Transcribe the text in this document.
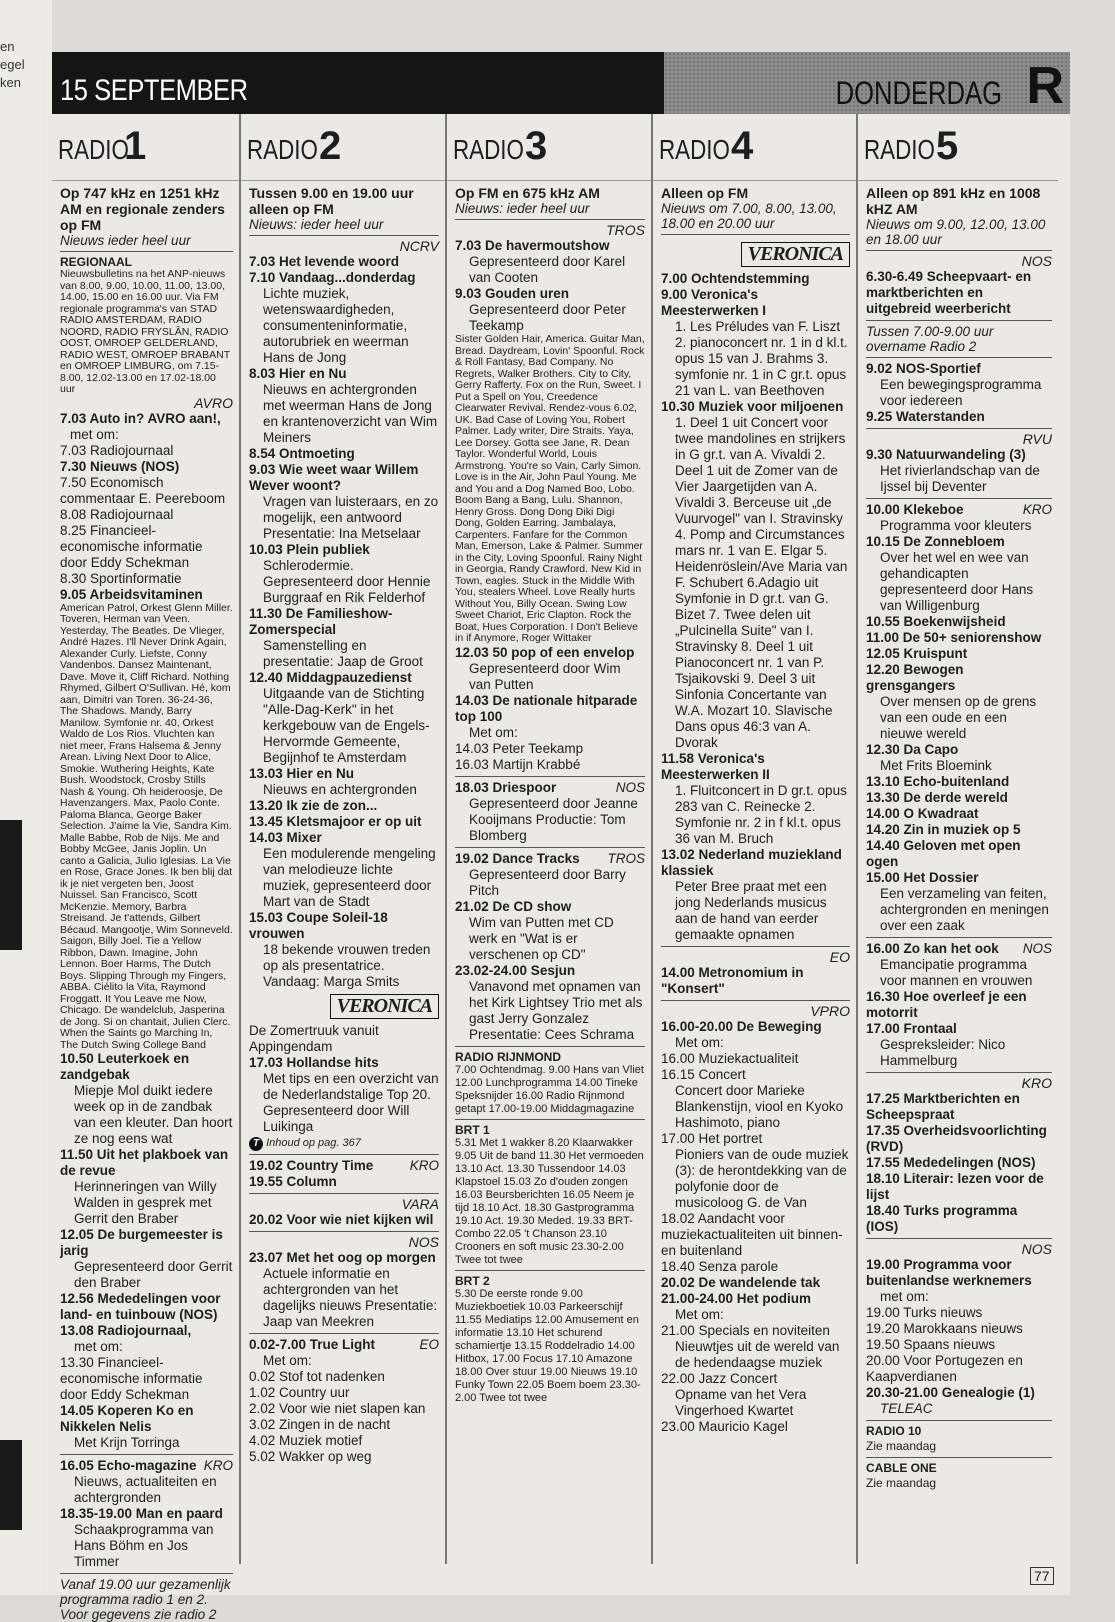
en
egel
ken 15 SEPTEMBER	DONDERDAG R
RADIO
1
Op 747 kHz en 1251 kHz AM en regionale zenders op FM
Nieuws ieder heel uur
REGIONAAL
Nieuwsbulletins na het ANP-nieuws van 8.00, 9.00, 10.00, 11.00, 13.00, 14.00, 15.00 en 16.00 uur. Via FM regionale programma's van STAD RADIO AMSTERDAM, RADIO NOORD, RADIO FRYSLÂN, RADIO OOST, OMROEP GELDERLAND, RADIO WEST, OMROEP BRABANT en OMROEP LIMBURG, om 7.15-8.00, 12.02-13.00 en 17.02-18.00 uur
AVRO
7.03 Auto in? AVRO aan!,
met om:
7.03 Radiojournaal
7.30 Nieuws (NOS)
7.50 Economisch commentaar E. Peereboom
8.08 Radiojournaal
8.25 Financieel-economische informatie door Eddy Schekman
8.30 Sportinformatie
9.05 Arbeidsvitaminen
American Patrol, Orkest Glenn Miller. Toveren, Herman van Veen. Yesterday, The Beatles. De Vlieger, André Hazes. I'll Never Drink Again, Alexander Curly. Liefste, Conny Vandenbos. Dansez Maintenant, Dave. Move it, Cliff Richard. Nothing Rhymed, Gilbert O'Sullivan. Hé, kom aan, Dimitri van Toren. 36-24-36, The Shadows. Mandy, Barry Manilow. Symfonie nr. 40, Orkest Waldo de Los Rios. Vluchten kan niet meer, Frans Halsema & Jenny Arean. Living Next Door to Alice, Smokie. Wuthering Heights, Kate Bush. Woodstock, Crosby Stills Nash & Young. Oh heideroosje, De Havenzangers. Max, Paolo Conte. Paloma Blanca, George Baker Selection. J'aime la Vie, Sandra Kim. Malle Babbe, Rob de Nijs. Me and Bobby McGee, Janis Joplin. Un canto a Galicia, Julio Iglesias. La Vie en Rose, Grace Jones. Ik ben blij dat ik je niet vergeten ben, Joost Nuissel. San Francisco, Scott McKenzie. Memory, Barbra Streisand. Je t'attends, Gilbert Bécaud. Mangootje, Wim Sonneveld. Saigon, Billy Joel. Tie a Yellow Ribbon, Dawn. Imagine, John Lennon. Boer Harms, The Dutch Boys. Slipping Through my Fingers, ABBA. Ciélito la Vita, Raymond Froggatt. It You Leave me Now, Chicago. De wandelclub, Jasperina de Jong. Si on chantait, Julien Clerc. When the Saints go Marching In, The Dutch Swing College Band
10.50 Leuterkoek en zandgebak
Miepje Mol duikt iedere week op in de zandbak van een kleuter. Dan hoort ze nog eens wat
11.50 Uit het plakboek van de revue
Herinneringen van Willy Walden in gesprek met Gerrit den Braber
12.05 De burgemeester is jarig
Gepresenteerd door Gerrit den Braber
12.56 Mededelingen voor land- en tuinbouw (NOS)
13.08 Radiojournaal,
met om:
13.30 Financieel-economische informatie door Eddy Schekman
14.05 Koperen Ko en Nikkelen Nelis
Met Krijn Torringa
16.05 Echo-magazine KRO
Nieuws, actualiteiten en achtergronden
18.35-19.00 Man en paard
Schaakprogramma van Hans Böhm en Jos Timmer
Vanaf 19.00 uur gezamenlijk programma radio 1 en 2. Voor gegevens zie radio 2
RADIO 2
Tussen 9.00 en 19.00 uur alleen op FM
Nieuws: ieder heel uur
NCRV
7.03 Het levende woord
7.10 Vandaag...donderdag
Lichte muziek, wetenswaardigheden, consumenteninformatie, autorubriek en weerman Hans de Jong
8.03 Hier en Nu
Nieuws en achtergronden met weerman Hans de Jong en krantenoverzicht van Wim Meiners
8.54 Ontmoeting
9.03 Wie weet waar Willem Wever woont?
Vragen van luisteraars, en zo mogelijk, een antwoord Presentatie: Ina Metselaar
10.03 Plein publiek
Schlerodermie. Gepresenteerd door Hennie Burggraaf en Rik Felderhof
11.30 De Familieshow-Zomerspecial
Samenstelling en presentatie: Jaap de Groot
12.40 Middagpauzedienst
Uitgaande van de Stichting "Alle-Dag-Kerk" in het kerkgebouw van de Engels-Hervormde Gemeente, Begijnhof te Amsterdam
13.03 Hier en Nu
Nieuws en achtergronden
13.20 Ik zie de zon...
13.45 Kletsmajoor er op uit
14.03 Mixer
Een modulerende mengeling van melodieuze lichte muziek, gepresenteerd door Mart van de Stadt
15.03 Coupe Soleil-18 vrouwen
18 bekende vrouwen treden op als presentatrice. Vandaag: Marga Smits
VERONICA
De Zomertruuk vanuit Appingendam
17.03 Hollandse hits
Met tips en een overzicht van de Nederlandstalige Top 20. Gepresenteerd door Will Luikinga
T Inhoud op pag. 367
19.02 Country Time	KRO
19.55 Column
VARA
20.02 Voor wie niet kijken wil
NOS
23.07 Met het oog op morgen
Actuele informatie en achtergronden van het dagelijks nieuws Presentatie: Jaap van Meekren
0.02-7.00 True Light	EO
Met om:
0.02 Stof tot nadenken
1.02 Country uur
2.02 Voor wie niet slapen kan
3.02 Zingen in de nacht
4.02 Muziek motief
5.02 Wakker op weg
RADIO 3
Op FM en 675 kHz AM
Nieuws: ieder heel uur
TROS
7.03 De havermoutshow
Gepresenteerd door Karel van Cooten
9.03 Gouden uren
Gepresenteerd door Peter Teekamp
Sister Golden Hair, America. Guitar Man, Bread. Daydream, Lovin' Spoonful. Rock & Roll Fantasy, Bad Company. No Regrets, Walker Brothers. City to City, Gerry Rafferty. Fox on the Run, Sweet. I Put a Spell on You, Creedence Clearwater Revival. Rendez-vous 6.02, UK. Bad Case of Loving You, Robert Palmer. Lady writer, Dire Straits. Yaya, Lee Dorsey. Gotta see Jane, R. Dean Taylor. Wonderful World, Louis Armstrong. You're so Vain, Carly Simon. Love is in the Air, John Paul Young. Me and You and a Dog Named Boo, Lobo. Boom Bang a Bang, Lulu. Shannon, Henry Gross. Dong Dong Diki Digi Dong, Golden Earring. Jambalaya, Carpenters. Fanfare for the Common Man, Emerson, Lake & Palmer. Summer in the City, Loving Spoonful. Rainy Night in Georgia, Randy Crawford. New Kid in Town, eagles. Stuck in the Middle With You, stealers Wheel. Love Really hurts Without You, Billy Ocean. Swing Low Sweet Chariot, Eric Clapton. Rock the Boat, Hues Corporation. I Don't Believe in if Anymore, Roger Wittaker
12.03 50 pop of een envelop
Gepresenteerd door Wim van Putten
14.03 De nationale hitparade top 100
Met om:
14.03 Peter Teekamp
16.03 Martijn Krabbé
18.03 Driespoor	NOS
Gepresenteerd door Jeanne Kooijmans Productie: Tom Blomberg
19.02 Dance Tracks TROS
Gepresenteerd door Barry Pitch
21.02 De CD show
Wim van Putten met CD werk en "Wat is er verschenen op CD"
23.02-24.00 Sesjun
Vanavond met opnamen van het Kirk Lightsey Trio met als gast Jerry Gonzalez Presentatie: Cees Schrama
RADIO RIJNMOND
7.00 Ochtendmag. 9.00 Hans van Vliet 12.00 Lunchprogramma 14.00 Tineke Speksnijder 16.00 Radio Rijnmond getapt 17.00-19.00 Middagmagazine
BRT 1
5.31 Met 1 wakker 8.20 Klaarwakker 9.05 Uit de band 11.30 Het vermoeden 13.10 Act. 13.30 Tussendoor 14.03 Klapstoel 15.03 Zo d'ouden zongen 16.03 Beursberichten 16.05 Neem je tijd 18.10 Act. 18.30 Gastprogramma 19.10 Act. 19.30 Meded. 19.33 BRT-Combo 22.05 't Chanson 23.10 Crooners en soft music 23.30-2.00 Twee tot twee
BRT 2
5.30 De eerste ronde 9.00 Muziekboetiek 10.03 Parkeerschijf 11.55 Mediatips 12.00 Amusement en informatie 13.10 Het schurend schamiertje 13.15 Roddelradio 14.00 Hitbox, 17.00 Focus 17.10 Amazone 18.00 Over stuur 19.00 Nieuws 19.10 Funky Town 22.05 Boem boem 23.30-2.00 Twee tot twee
RADIO 4
Alleen op FM
Nieuws om 7.00, 8.00, 13.00, 18.00 en 20.00 uur
VERONICA
7.00 Ochtendstemming
9.00 Veronica's Meesterwerken I
1. Les Préludes van F. Liszt 2. pianoconcert nr. 1 in d kl.t. opus 15 van J. Brahms 3. symfonie nr. 1 in C gr.t. opus 21 van L. van Beethoven
10.30 Muziek voor miljoenen
1. Deel 1 uit Concert voor twee mandolines en strijkers in G gr.t. van A. Vivaldi 2. Deel 1 uit de Zomer van de Vier Jaargetijden van A. Vivaldi 3. Berceuse uit „de Vuurvogel" van I. Stravinsky 4. Pomp and Circumstances mars nr. 1 van E. Elgar 5. Heidenröslein/Ave Maria van F. Schubert 6.Adagio uit Symfonie in D gr.t. van G. Bizet 7. Twee delen uit „Pulcinella Suite" van I. Stravinsky 8. Deel 1 uit Pianoconcert nr. 1 van P. Tsjaikovski 9. Deel 3 uit Sinfonia Concertante van W.A. Mozart 10. Slavische Dans opus 46:3 van A. Dvorak
11.58 Veronica's Meesterwerken II
1. Fluitconcert in D gr.t. opus 283 van C. Reinecke 2. Symfonie nr. 2 in f kl.t. opus 36 van M. Bruch
13.02 Nederland muziekland klassiek
Peter Bree praat met een jong Nederlands musicus aan de hand van eerder gemaakte opnamen
EO
14.00 Metronomium in "Konsert"
VPRO
16.00-20.00 De Beweging
Met om:
16.00 Muziekactualiteit
16.15 Concert
Concert door Marieke Blankenstijn, viool en Kyoko Hashimoto, piano
17.00 Het portret
Pioniers van de oude muziek (3): de herontdekking van de polyfonie door de musicoloog G. de Van
18.02 Aandacht voor muziekactualiteiten uit binnen- en buitenland
18.40 Senza parole
20.02 De wandelende tak
21.00-24.00 Het podium
Met om:
21.00 Specials en noviteiten
Nieuwtjes uit de wereld van de hedendaagse muziek
22.00 Jazz Concert
Opname van het Vera Vingerhoed Kwartet
23.00 Mauricio Kagel
RADIO 5
Alleen op 891 kHz en 1008 kHZ AM
Nieuws om 9.00, 12.00, 13.00 en 18.00 uur
NOS
6.30-6.49 Scheepvaart- en marktberichten en uitgebreid weerbericht
Tussen 7.00-9.00 uur overname Radio 2
9.02 NOS-Sportief
Een bewegingsprogramma voor iedereen
9.25 Waterstanden
RVU
9.30 Natuurwandeling (3)
Het rivierlandschap van de Ijssel bij Deventer
10.00 Klekeboe	KRO
Programma voor kleuters
10.15 De Zonnebloem
Over het wel en wee van gehandicapten gepresenteerd door Hans van Willigenburg
10.55 Boekenwijsheid
11.00 De 50+ seniorenshow
12.05 Kruispunt
12.20 Bewogen grensgangers
Over mensen op de grens van een oude en een nieuwe wereld
12.30 Da Capo
Met Frits Bloemink
13.10 Echo-buitenland
13.30 De derde wereld
14.00 O Kwadraat
14.20 Zin in muziek op 5
14.40 Geloven met open ogen
15.00 Het Dossier
Een verzameling van feiten, achtergronden en meningen over een zaak
16.00 Zo kan het ook NOS
Emancipatie programma voor mannen en vrouwen
16.30 Hoe overleef je een motorrit
17.00 Frontaal
Gespreksleider: Nico Hammelburg
KRO
17.25 Marktberichten en Scheepspraat
17.35 Overheidsvoorlichting (RVD)
17.55 Mededelingen (NOS)
18.10 Literair: lezen voor de lijst
18.40 Turks programma (IOS)
NOS
19.00 Programma voor buitenlandse werknemers
met om:
19.00 Turks nieuws
19.20 Marokkaans nieuws
19.50 Spaans nieuws
20.00 Voor Portugezen en Kaapverdianen
20.30-21.00 Genealogie (1)
TELEAC
RADIO 10
Zie maandag
CABLE ONE
Zie maandag
77
